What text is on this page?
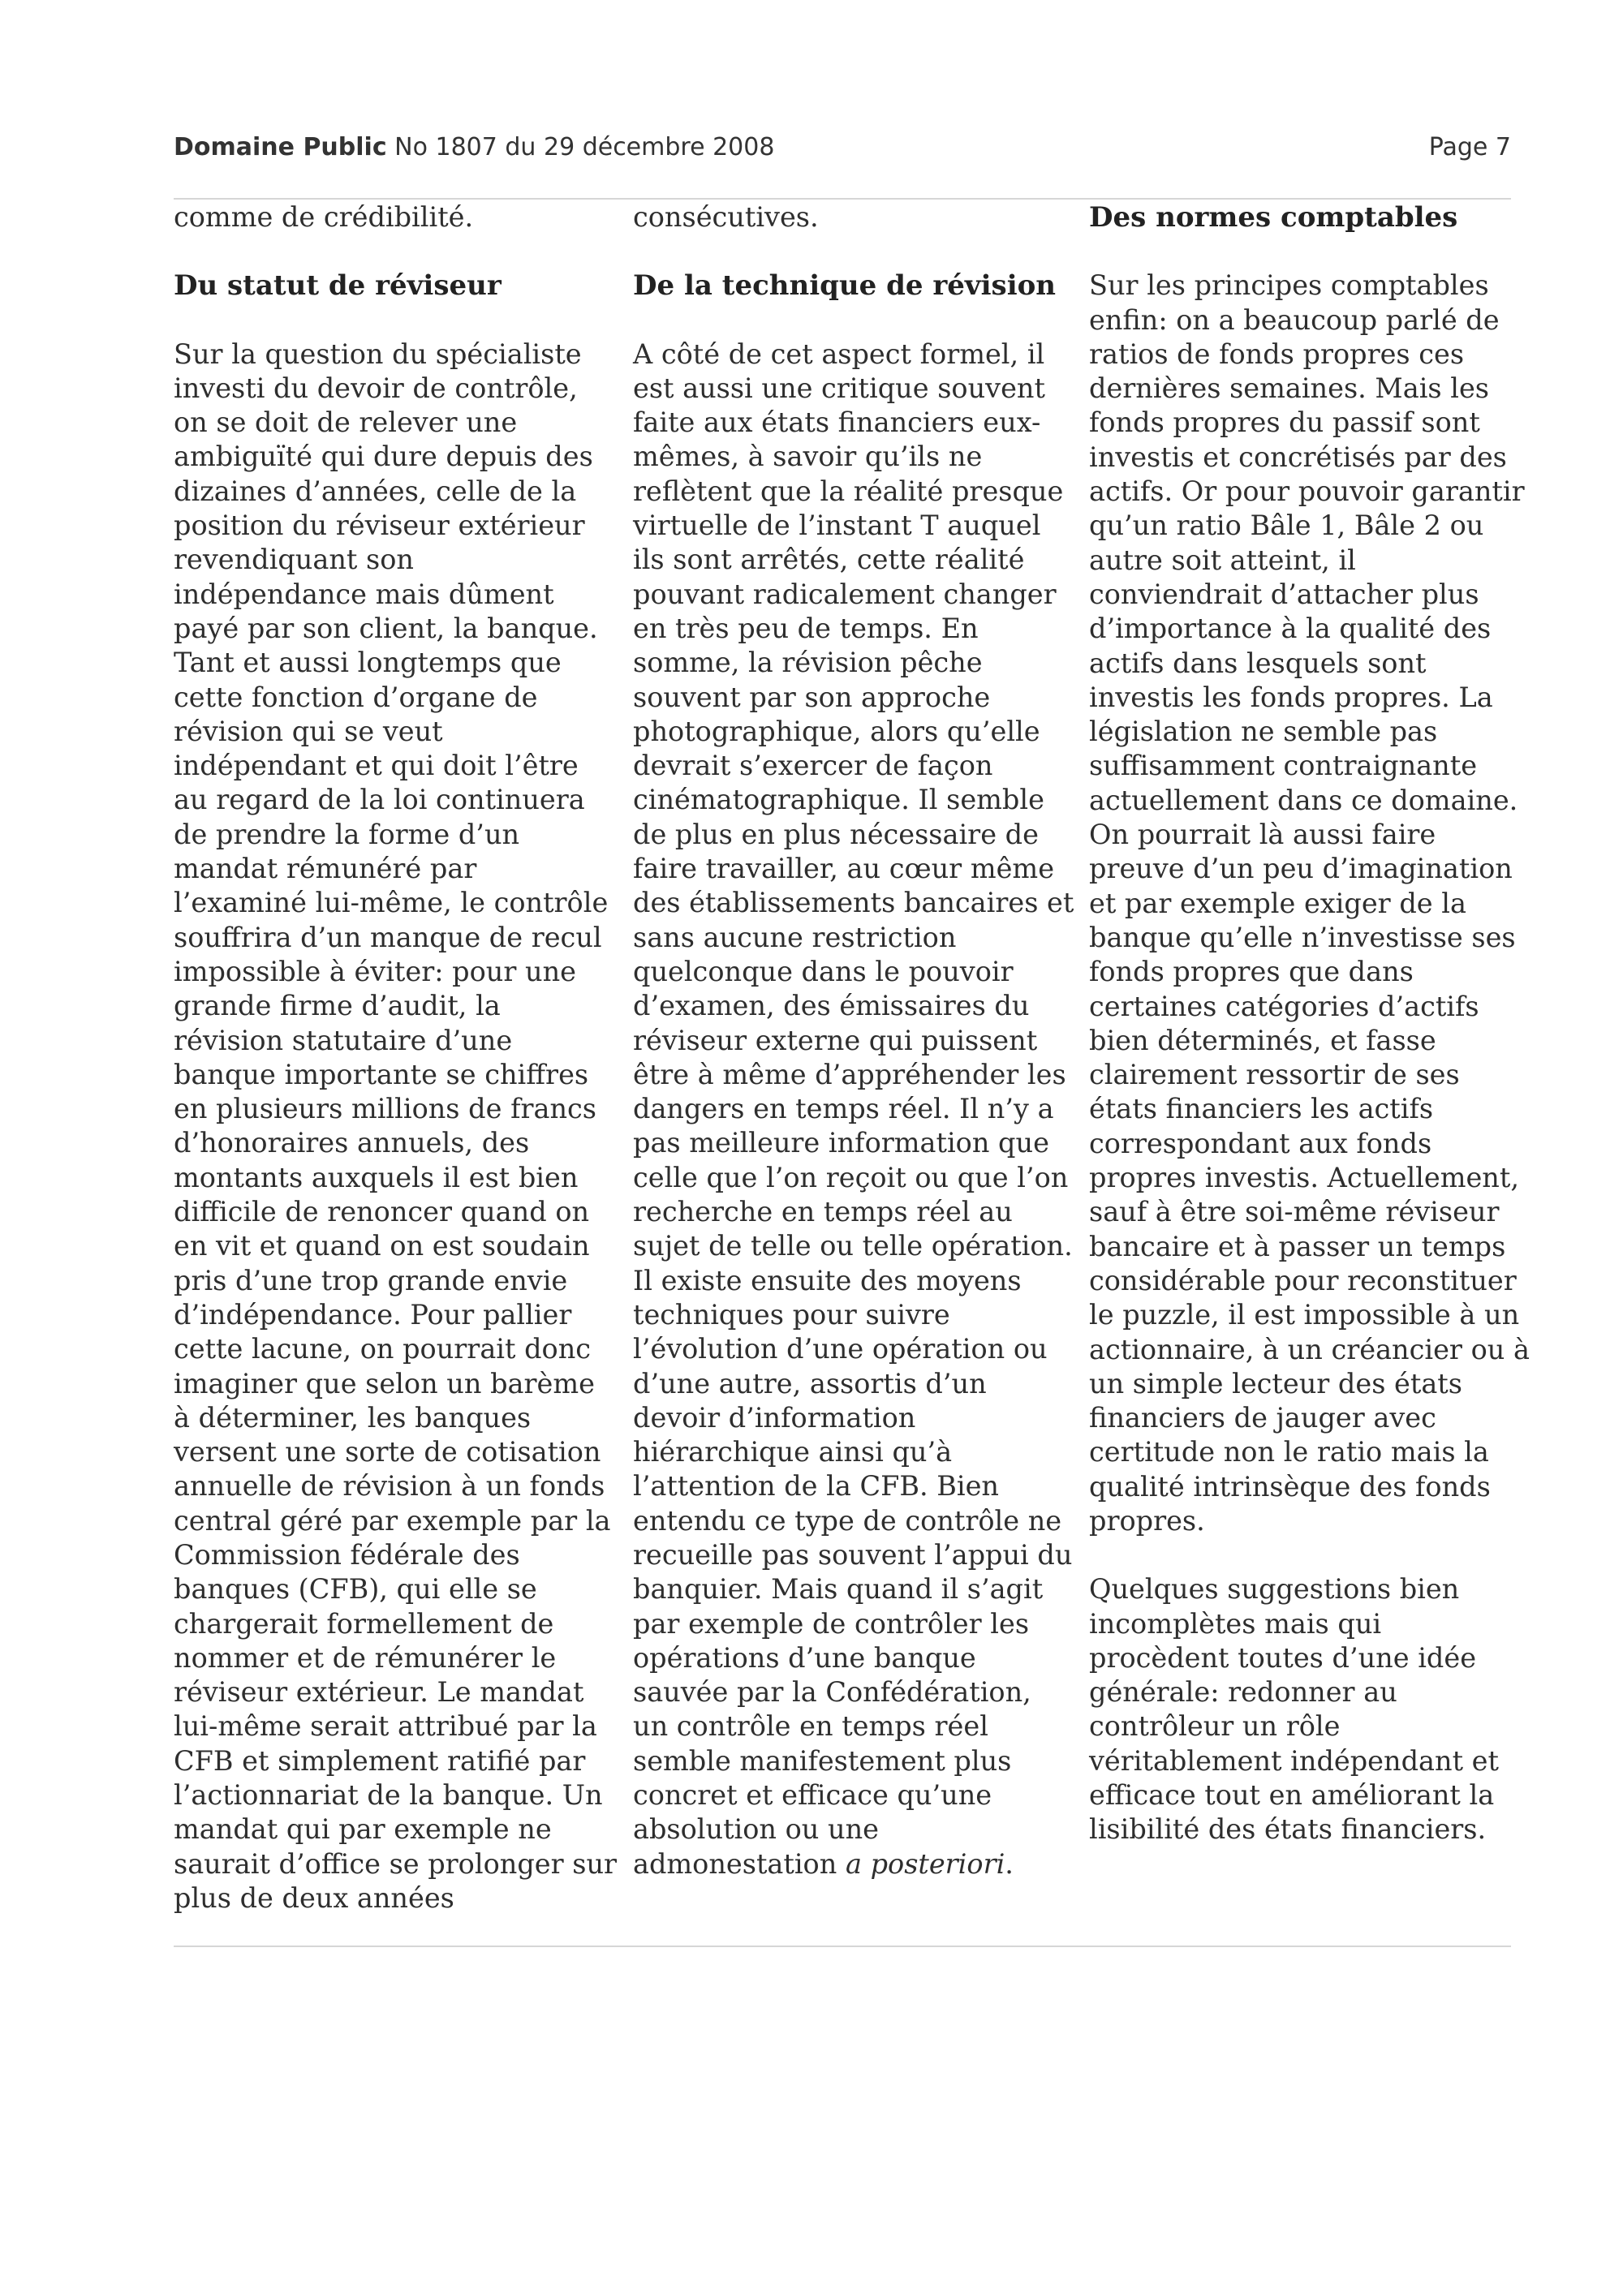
Domaine Public No 1807 du 29 décembre 2008	Page 7

comme de crédibilité.

Du statut de réviseur

Sur la question du spécialiste
investi du devoir de contrôle,
on se doit de relever une
ambiguïté qui dure depuis des
dizaines d’années, celle de la
position du réviseur extérieur
revendiquant son
indépendance mais dûment
payé par son client, la banque.
Tant et aussi longtemps que
cette fonction d’organe de
révision qui se veut
indépendant et qui doit l’être
au regard de la loi continuera
de prendre la forme d’un
mandat rémunéré par
l’examiné lui-même, le contrôle
souffrira d’un manque de recul
impossible à éviter: pour une
grande firme d’audit, la
révision statutaire d’une
banque importante se chiffres
en plusieurs millions de francs
d’honoraires annuels, des
montants auxquels il est bien
difficile de renoncer quand on
en vit et quand on est soudain
pris d’une trop grande envie
d’indépendance. Pour pallier
cette lacune, on pourrait donc
imaginer que selon un barème
à déterminer, les banques
versent une sorte de cotisation
annuelle de révision à un fonds
central géré par exemple par la
Commission fédérale des
banques (CFB), qui elle se
chargerait formellement de
nommer et de rémunérer le
réviseur extérieur. Le mandat
lui-même serait attribué par la
CFB et simplement ratifié par
l’actionnariat de la banque. Un
mandat qui par exemple ne
saurait d’office se prolonger sur
plus de deux années

consécutives.

De la technique de révision

A côté de cet aspect formel, il
est aussi une critique souvent
faite aux états financiers eux-
mêmes, à savoir qu’ils ne
reflètent que la réalité presque
virtuelle de l’instant T auquel
ils sont arrêtés, cette réalité
pouvant radicalement changer
en très peu de temps. En
somme, la révision pêche
souvent par son approche
photographique, alors qu’elle
devrait s’exercer de façon
cinématographique. Il semble
de plus en plus nécessaire de
faire travailler, au cœur même
des établissements bancaires et
sans aucune restriction
quelconque dans le pouvoir
d’examen, des émissaires du
réviseur externe qui puissent
être à même d’appréhender les
dangers en temps réel. Il n’y a
pas meilleure information que
celle que l’on reçoit ou que l’on
recherche en temps réel au
sujet de telle ou telle opération.
Il existe ensuite des moyens
techniques pour suivre
l’évolution d’une opération ou
d’une autre, assortis d’un
devoir d’information
hiérarchique ainsi qu’à
l’attention de la CFB. Bien
entendu ce type de contrôle ne
recueille pas souvent l’appui du
banquier. Mais quand il s’agit
par exemple de contrôler les
opérations d’une banque
sauvée par la Confédération,
un contrôle en temps réel
semble manifestement plus
concret et efficace qu’une
absolution ou une
admonestation a posteriori.

Des normes comptables

Sur les principes comptables
enfin: on a beaucoup parlé de
ratios de fonds propres ces
dernières semaines. Mais les
fonds propres du passif sont
investis et concrétisés par des
actifs. Or pour pouvoir garantir
qu’un ratio Bâle 1, Bâle 2 ou
autre soit atteint, il
conviendrait d’attacher plus
d’importance à la qualité des
actifs dans lesquels sont
investis les fonds propres. La
législation ne semble pas
suffisamment contraignante
actuellement dans ce domaine.
On pourrait là aussi faire
preuve d’un peu d’imagination
et par exemple exiger de la
banque qu’elle n’investisse ses
fonds propres que dans
certaines catégories d’actifs
bien déterminés, et fasse
clairement ressortir de ses
états financiers les actifs
correspondant aux fonds
propres investis. Actuellement,
sauf à être soi-même réviseur
bancaire et à passer un temps
considérable pour reconstituer
le puzzle, il est impossible à un
actionnaire, à un créancier ou à
un simple lecteur des états
financiers de jauger avec
certitude non le ratio mais la
qualité intrinsèque des fonds
propres.

Quelques suggestions bien
incomplètes mais qui
procèdent toutes d’une idée
générale: redonner au
contrôleur un rôle
véritablement indépendant et
efficace tout en améliorant la
lisibilité des états financiers.
